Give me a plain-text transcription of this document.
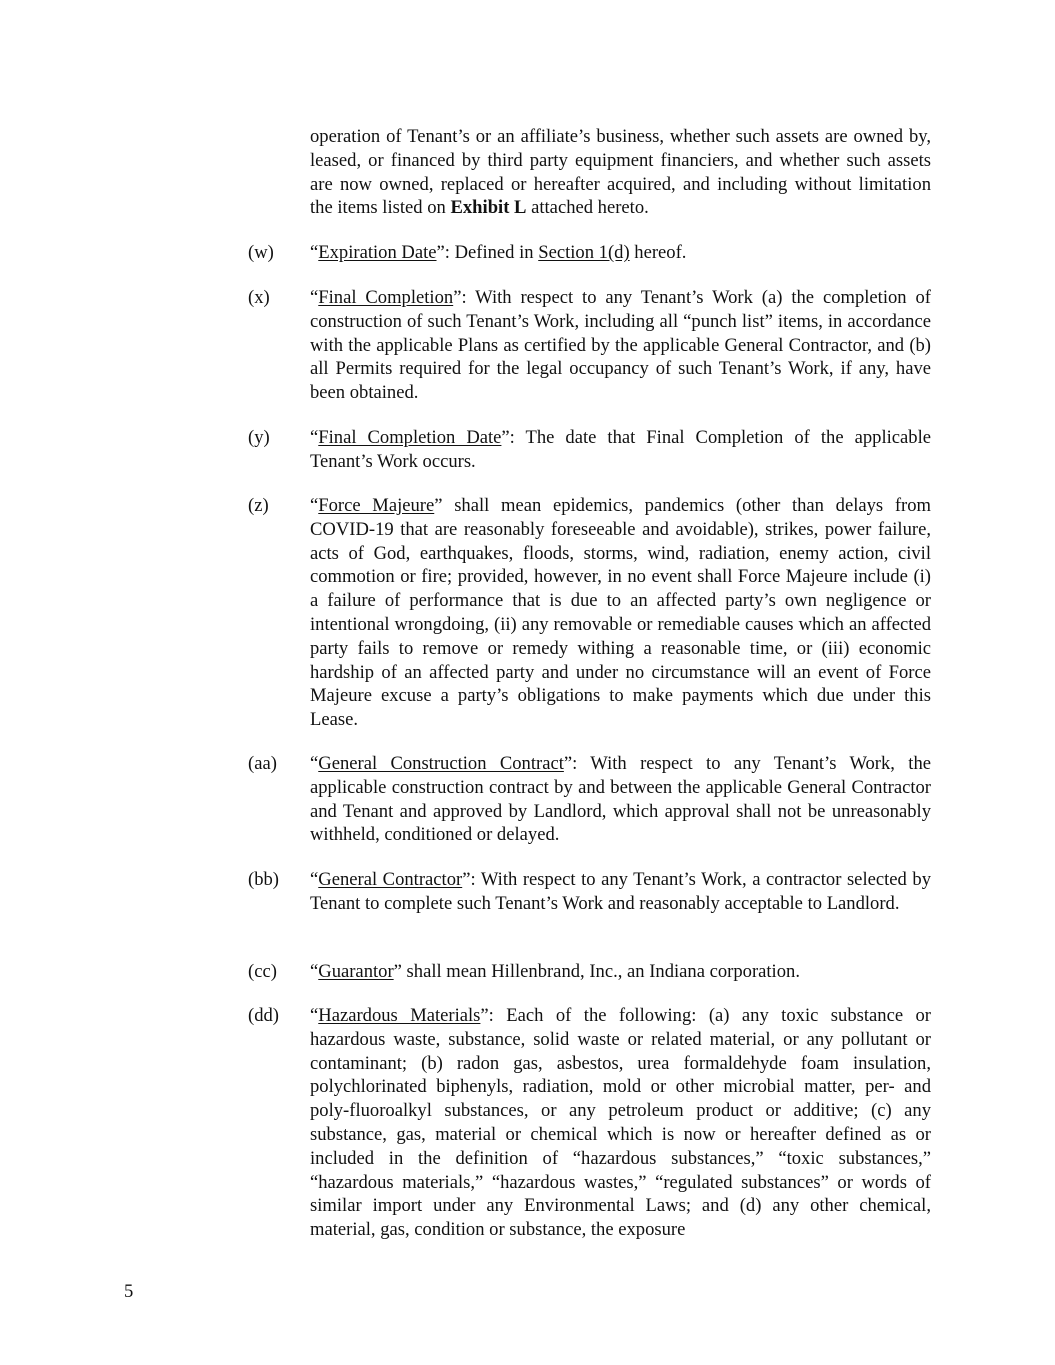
operation of Tenant’s or an affiliate’s business, whether such assets are owned by, leased, or financed by third party equipment financiers, and whether such assets are now owned, replaced or hereafter acquired, and including without limitation the items listed on Exhibit L attached hereto.
(w) “Expiration Date”: Defined in Section 1(d) hereof.
(x) “Final Completion”: With respect to any Tenant’s Work (a) the completion of construction of such Tenant’s Work, including all “punch list” items, in accordance with the applicable Plans as certified by the applicable General Contractor, and (b) all Permits required for the legal occupancy of such Tenant’s Work, if any, have been obtained.
(y) “Final Completion Date”: The date that Final Completion of the applicable Tenant’s Work occurs.
(z) “Force Majeure” shall mean epidemics, pandemics (other than delays from COVID-19 that are reasonably foreseeable and avoidable), strikes, power failure, acts of God, earthquakes, floods, storms, wind, radiation, enemy action, civil commotion or fire; provided, however, in no event shall Force Majeure include (i) a failure of performance that is due to an affected party’s own negligence or intentional wrongdoing, (ii) any removable or remediable causes which an affected party fails to remove or remedy withing a reasonable time, or (iii) economic hardship of an affected party and under no circumstance will an event of Force Majeure excuse a party’s obligations to make payments which due under this Lease.
(aa) “General Construction Contract”: With respect to any Tenant’s Work, the applicable construction contract by and between the applicable General Contractor and Tenant and approved by Landlord, which approval shall not be unreasonably withheld, conditioned or delayed.
(bb) “General Contractor”: With respect to any Tenant’s Work, a contractor selected by Tenant to complete such Tenant’s Work and reasonably acceptable to Landlord.
(cc) “Guarantor” shall mean Hillenbrand, Inc., an Indiana corporation.
(dd) “Hazardous Materials”: Each of the following: (a) any toxic substance or hazardous waste, substance, solid waste or related material, or any pollutant or contaminant; (b) radon gas, asbestos, urea formaldehyde foam insulation, polychlorinated biphenyls, radiation, mold or other microbial matter, per- and poly-fluoroalkyl substances, or any petroleum product or additive; (c) any substance, gas, material or chemical which is now or hereafter defined as or included in the definition of “hazardous substances,” “toxic substances,” “hazardous materials,” “hazardous wastes,” “regulated substances” or words of similar import under any Environmental Laws; and (d) any other chemical, material, gas, condition or substance, the exposure
5
